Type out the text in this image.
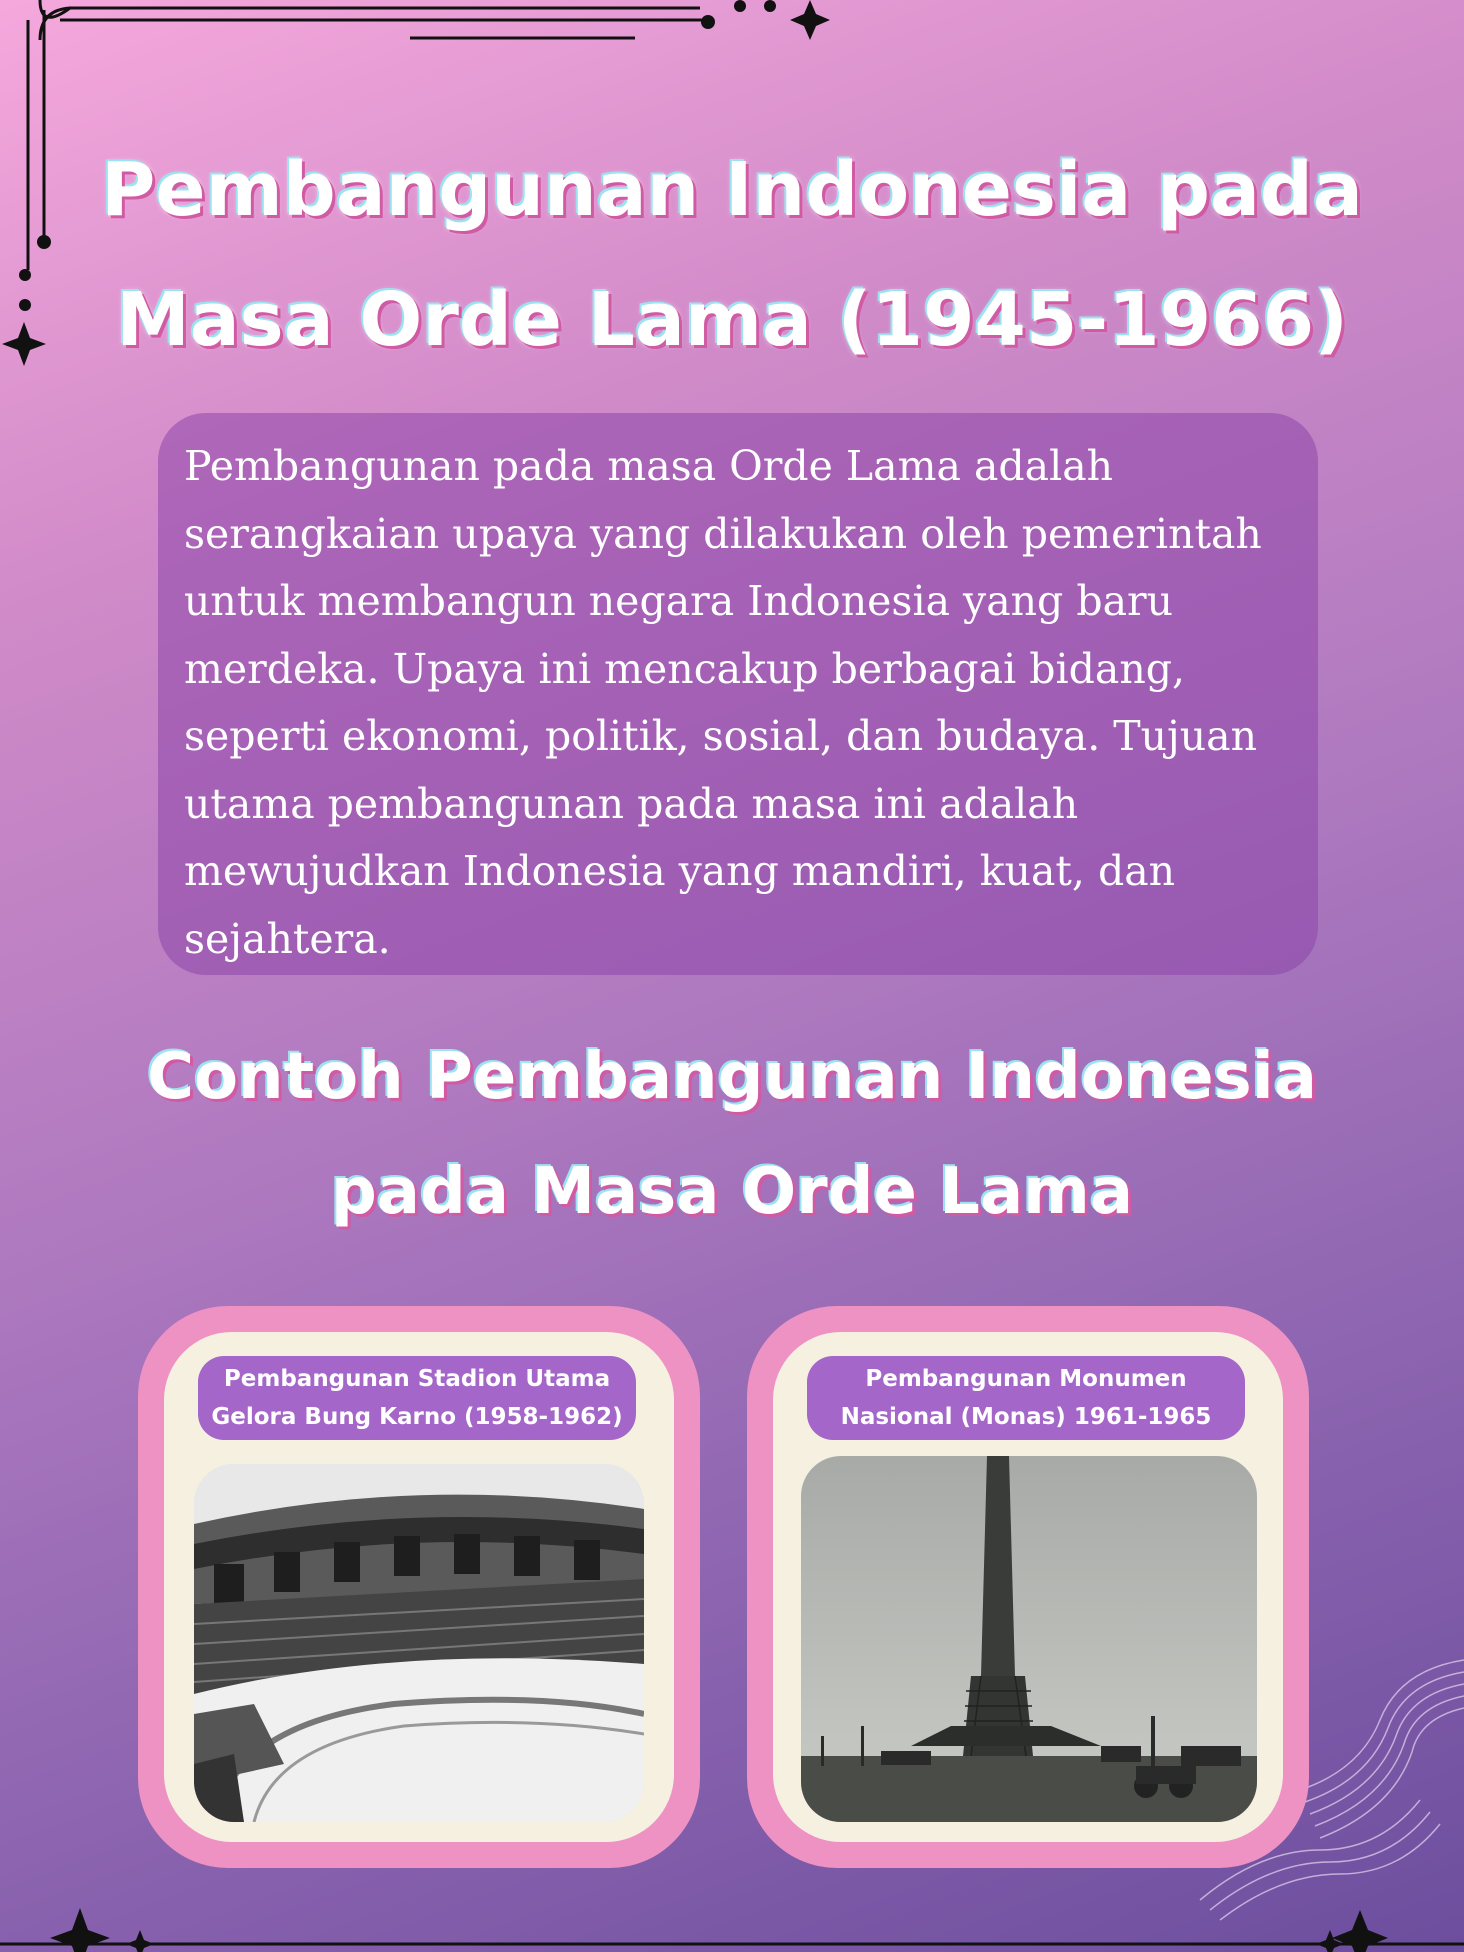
Pembangunan Indonesia pada Masa Orde Lama (1945-1966)

Pembangunan pada masa Orde Lama adalah serangkaian upaya yang dilakukan oleh pemerintah untuk membangun negara Indonesia yang baru merdeka. Upaya ini mencakup berbagai bidang, seperti ekonomi, politik, sosial, dan budaya. Tujuan utama pembangunan pada masa ini adalah mewujudkan Indonesia yang mandiri, kuat, dan sejahtera.

Contoh Pembangunan Indonesia pada Masa Orde Lama
Pembangunan Stadion Utama Gelora Bung Karno (1958-1962)
Pembangunan Monumen Nasional (Monas) 1961-1965
